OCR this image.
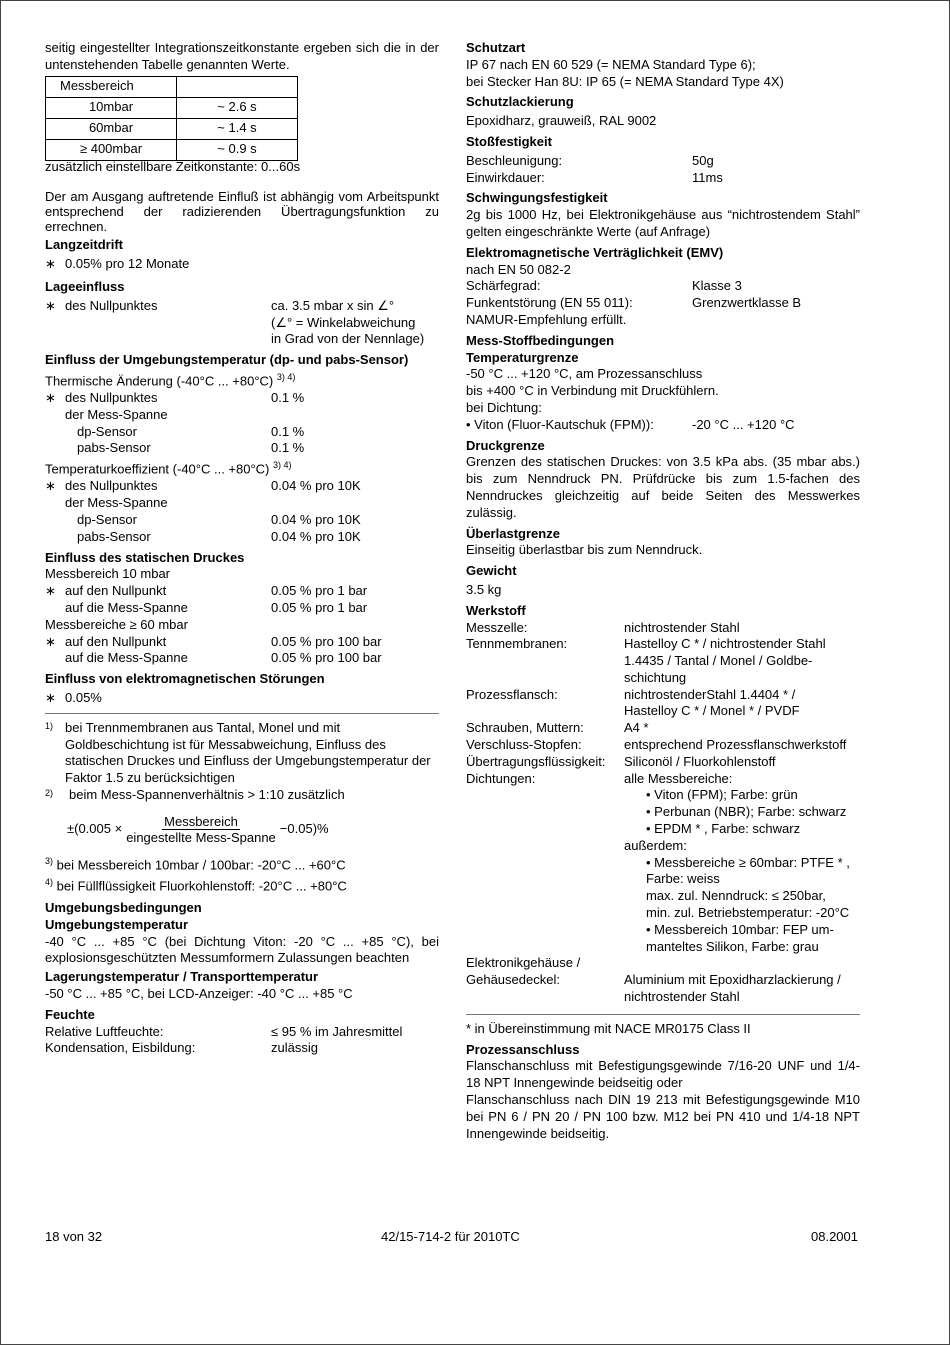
seitig eingestellter Integrationszeitkonstante ergeben sich die in der untenstehenden Tabelle genannten Werte.
Messbereich	
10mbar	~ 2.6 s
60mbar	~ 1.4 s
≥ 400mbar	~ 0.9 s
zusätzlich einstellbare Zeitkonstante: 0...60s
Der am Ausgang auftretende Einfluß ist abhängig vom Arbeitspunkt entsprechend der radizierenden Übertragungsfunktion zu errechnen.
Langzeitdrift
∗ 0.05% pro 12 Monate
Lageeinfluss
∗ des Nullpunktes	ca. 3.5 mbar x sin ∠°
(∠° = Winkelabweichung
in Grad von der Nennlage)
Einfluss der Umgebungstemperatur (dp- und pabs-Sensor)
Thermische Änderung (-40°C ... +80°C) $^{3) 4)}$
∗ des Nullpunktes	0.1 %
der Mess-Spanne
dp-Sensor	0.1 %
pabs-Sensor	0.1 %
Temperaturkoeffizient (-40°C ... +80°C) $^{3) 4)}$
∗ des Nullpunktes	0.04 % pro 10K
der Mess-Spanne
dp-Sensor	0.04 % pro 10K
pabs-Sensor	0.04 % pro 10K
Einfluss des statischen Druckes
Messbereich 10 mbar
∗ auf den Nullpunkt	0.05 % pro 1 bar
auf die Mess-Spanne	0.05 % pro 1 bar
Messbereiche ≥ 60 mbar
∗ auf den Nullpunkt	0.05 % pro 100 bar
auf die Mess-Spanne	0.05 % pro 100 bar
Einfluss von elektromagnetischen Störungen
∗ 0.05%
1) bei Trennmembranen aus Tantal, Monel und mit Goldbeschichtung ist für Messabweichung, Einfluss des statischen Druckes und Einfluss der Umgebungstemperatur der Faktor 1.5 zu berücksichtigen
2)	beim Mess-Spannenverhältnis > 1:10 zusätzlich
$\pm(0.005 \times \frac{\text{Messbereich}}{\text{eingestellte Mess-Spanne}} -0.05)\%$
$^{3)}$ bei Messbereich 10mbar / 100bar: -20°C ... +60°C
$^{4)}$ bei Füllflüssigkeit Fluorkohlenstoff: -20°C ... +80°C
Umgebungsbedingungen
Umgebungstemperatur
-40 °C ... +85 °C (bei Dichtung Viton: -20 °C ... +85 °C), bei explosionsgeschützten Messumformern Zulassungen beachten
Lagerungstemperatur / Transporttemperatur
-50 °C ... +85 °C, bei LCD-Anzeiger: -40 °C ... +85 °C
Feuchte
Relative Luftfeuchte:	≤ 95 % im Jahresmittel
Kondensation, Eisbildung:	zulässig
Schutzart
IP 67 nach EN 60 529 (= NEMA Standard Type 6);
bei Stecker Han 8U: IP 65 (= NEMA Standard Type 4X)
Schutzlackierung
Epoxidharz, grauweiß, RAL 9002
Stoßfestigkeit
Beschleunigung:	50g
Einwirkdauer:	11ms
Schwingungsfestigkeit
2g bis 1000 Hz, bei Elektronikgehäuse aus “nichtrostendem Stahl” gelten eingeschränkte Werte (auf Anfrage)
Elektromagnetische Verträglichkeit (EMV)
nach EN 50 082-2
Schärfegrad:	Klasse 3
Funkentstörung (EN 55 011):	Grenzwertklasse B
NAMUR-Empfehlung erfüllt.
Mess-Stoffbedingungen
Temperaturgrenze
-50 °C ... +120 °C, am Prozessanschluss
bis +400 °C in Verbindung mit Druckfühlern.
bei Dichtung:
• Viton (Fluor-Kautschuk (FPM)):	-20 °C ... +120 °C
Druckgrenze
Grenzen des statischen Druckes: von 3.5 kPa abs. (35 mbar abs.) bis zum Nenndruck PN. Prüfdrücke bis zum 1.5-fachen des Nenndruckes gleichzeitig auf beide Seiten des Messwerkes zulässig.
Überlastgrenze
Einseitig überlastbar bis zum Nenndruck.
Gewicht
3.5 kg
Werkstoff
Messzelle:	nichtrostender Stahl
Tennmembranen:	Hastelloy C * / nichtrostender Stahl
1.4435 / Tantal / Monel / Goldbe-
schichtung
Prozessflansch:	nichtrostenderStahl 1.4404 * /
Hastelloy C * / Monel * / PVDF
Schrauben, Muttern:	A4 *
Verschluss-Stopfen:	entsprechend Prozessflanschwerkstoff
Übertragungsflüssigkeit:	Siliconöl / Fluorkohlenstoff
Dichtungen:	alle Messbereiche:
• Viton (FPM); Farbe: grün
• Perbunan (NBR); Farbe: schwarz
• EPDM * , Farbe: schwarz
außerdem:
• Messbereiche ≥ 60mbar: PTFE * ,
Farbe: weiss
max. zul. Nenndruck: ≤ 250bar,
min. zul. Betriebstemperatur: -20°C
• Messbereich 10mbar: FEP um-
manteltes Silikon, Farbe: grau
Elektronikgehäuse /
Gehäusedeckel:	Aluminium mit Epoxidharzlackierung /
nichtrostender Stahl
* in Übereinstimmung mit NACE MR0175 Class II
Prozessanschluss
Flanschanschluss mit Befestigungsgewinde 7/16-20 UNF und 1/4-18 NPT Innengewinde beidseitig oder
Flanschanschluss nach DIN 19 213 mit Befestigungsgewinde M10 bei PN 6 / PN 20 / PN 100 bzw. M12 bei PN 410 und 1/4-18 NPT Innengewinde beidseitig.
18 von 32	42/15-714-2 für 2010TC	08.2001
